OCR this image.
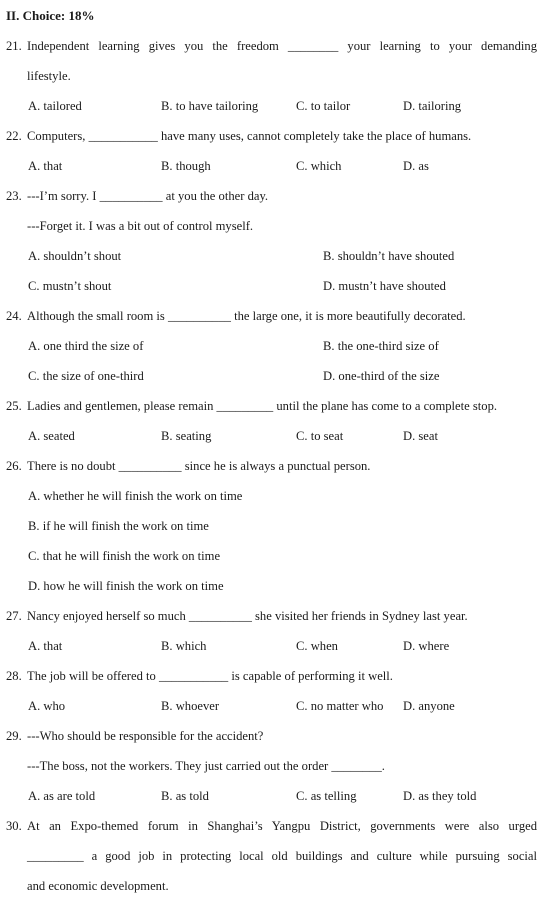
II. Choice: 18%
21. Independent learning gives you the freedom ________ your learning to your demanding
lifestyle.
A. tailored	B. to have tailoring	C. to tailor	D. tailoring
22. Computers, ___________ have many uses, cannot completely take the place of humans.
A. that	B. though	C. which	D. as
23. ---I’m sorry. I __________ at you the other day.
---Forget it. I was a bit out of control myself.
A. shouldn’t shout	B. shouldn’t have shouted
C. mustn’t shout	D. mustn’t have shouted
24. Although the small room is __________ the large one, it is more beautifully decorated.
A. one third the size of	B. the one-third size of
C. the size of one-third	D. one-third of the size
25. Ladies and gentlemen, please remain _________ until the plane has come to a complete stop.
A. seated	B. seating	C. to seat	D. seat
26. There is no doubt __________ since he is always a punctual person.
A. whether he will finish the work on time
B. if he will finish the work on time
C. that he will finish the work on time
D. how he will finish the work on time
27. Nancy enjoyed herself so much __________ she visited her friends in Sydney last year.
A. that	B. which	C. when	D. where
28. The job will be offered to ___________ is capable of performing it well.
A. who	B. whoever	C. no matter who D. anyone
29. ---Who should be responsible for the accident?
---The boss, not the workers. They just carried out the order ________.
A. as are told	B. as told	C. as telling	D. as they told
30. At an Expo-themed forum in Shanghai’s Yangpu District, governments were also urged
_________ a good job in protecting local old buildings and culture while pursuing social
and economic development.
